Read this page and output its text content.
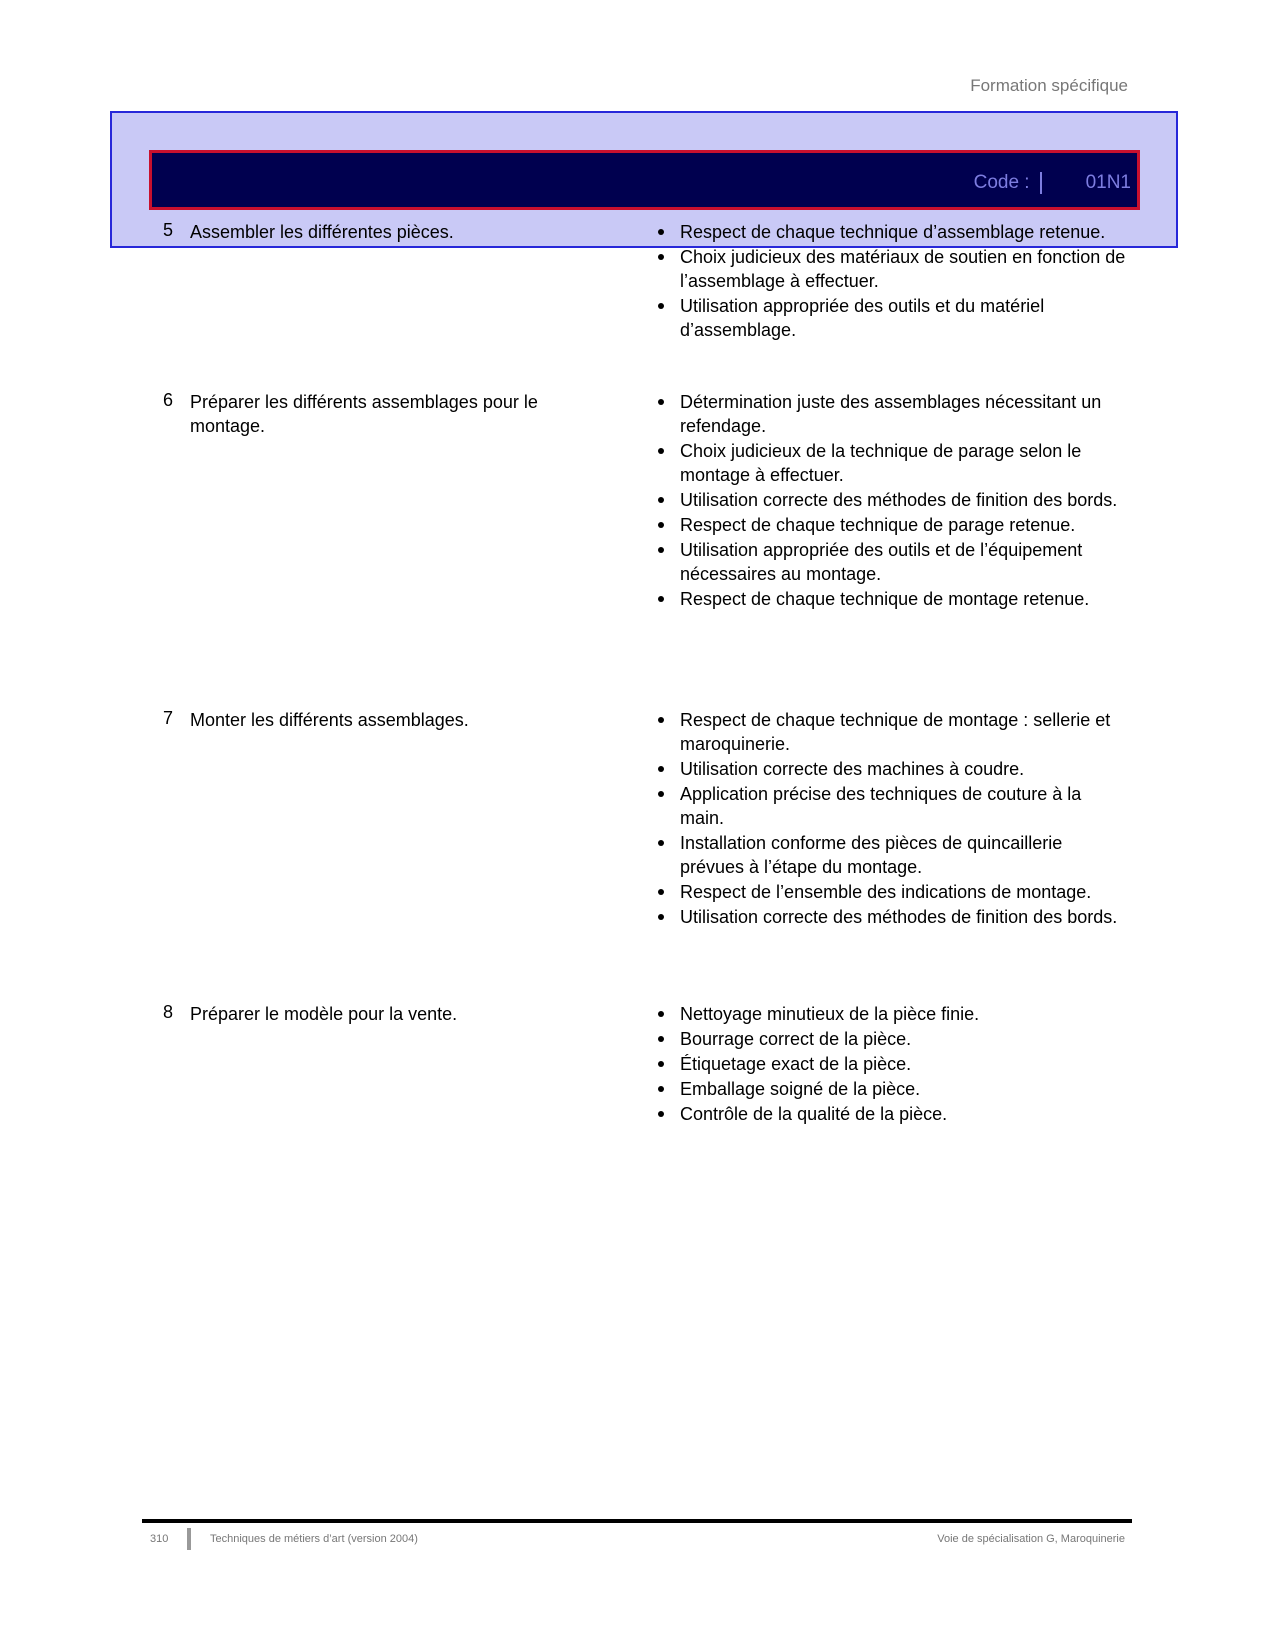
Formation spécifique
Code :	01N1
5 Assembler les différentes pièces.	Respect de chaque technique d’assemblage retenue.
Choix judicieux des matériaux de soutien en fonction de l’assemblage à effectuer.
Utilisation appropriée des outils et du matériel d’assemblage.
6 Préparer les différents assemblages pour le montage.
Détermination juste des assemblages nécessitant un refendage.
Choix judicieux de la technique de parage selon le montage à effectuer.
Utilisation correcte des méthodes de finition des bords.
Respect de chaque technique de parage retenue.
Utilisation appropriée des outils et de l’équipement nécessaires au montage.
Respect de chaque technique de montage retenue.
7 Monter les différents assemblages.	Respect de chaque technique de montage : sellerie et maroquinerie.
Utilisation correcte des machines à coudre.
Application précise des techniques de couture à la main.
Installation conforme des pièces de quincaillerie prévues à l’étape du montage.
Respect de l’ensemble des indications de montage.
Utilisation correcte des méthodes de finition des bords.
8 Préparer le modèle pour la vente.	Nettoyage minutieux de la pièce finie.
Bourrage correct de la pièce.
Étiquetage exact de la pièce.
Emballage soigné de la pièce.
Contrôle de la qualité de la pièce.
310	Techniques de métiers d’art (version 2004)	Voie de spécialisation G, Maroquinerie
